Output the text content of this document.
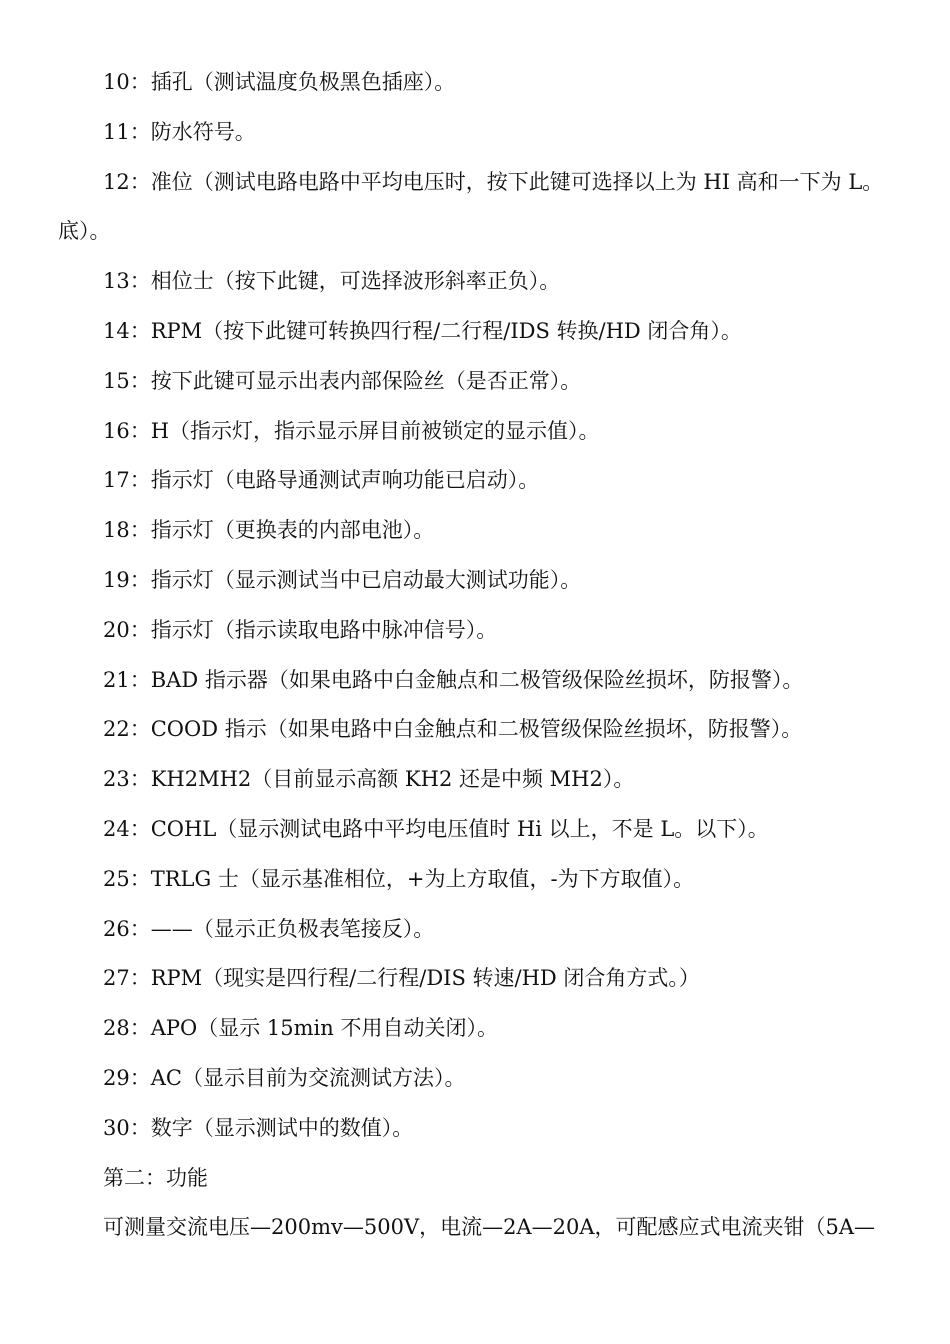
10：插孔（测试温度负极黑色插座）。

11：防水符号。

12：准位（测试电路电路中平均电压时，按下此键可选择以上为 HI 高和一下为 L。底）。

13：相位士（按下此键，可选择波形斜率正负）。

14：RPM（按下此键可转换四行程/二行程/IDS 转换/HD 闭合角）。

15：按下此键可显示出表内部保险丝（是否正常）。

16：H（指示灯，指示显示屏目前被锁定的显示值）。

17：指示灯（电路导通测试声响功能已启动）。

18：指示灯（更换表的内部电池）。

19：指示灯（显示测试当中已启动最大测试功能）。

20：指示灯（指示读取电路中脉冲信号）。

21：BAD 指示器（如果电路中白金触点和二极管级保险丝损坏，防报警）。

22：COOD 指示（如果电路中白金触点和二极管级保险丝损坏，防报警）。

23：KH2MH2（目前显示高额 KH2 还是中频 MH2）。

24：COHL（显示测试电路中平均电压值时 Hi 以上，不是 L。以下）。

25：TRLG 士（显示基准相位，+为上方取值，-为下方取值）。

26：——（显示正负极表笔接反）。

27：RPM（现实是四行程/二行程/DIS 转速/HD 闭合角方式。）

28：APO（显示 15min 不用自动关闭）。

29：AC（显示目前为交流测试方法）。

30：数字（显示测试中的数值）。

第二：功能

可测量交流电压—200mv—500V，电流—2A—20A，可配感应式电流夹钳（5A—
